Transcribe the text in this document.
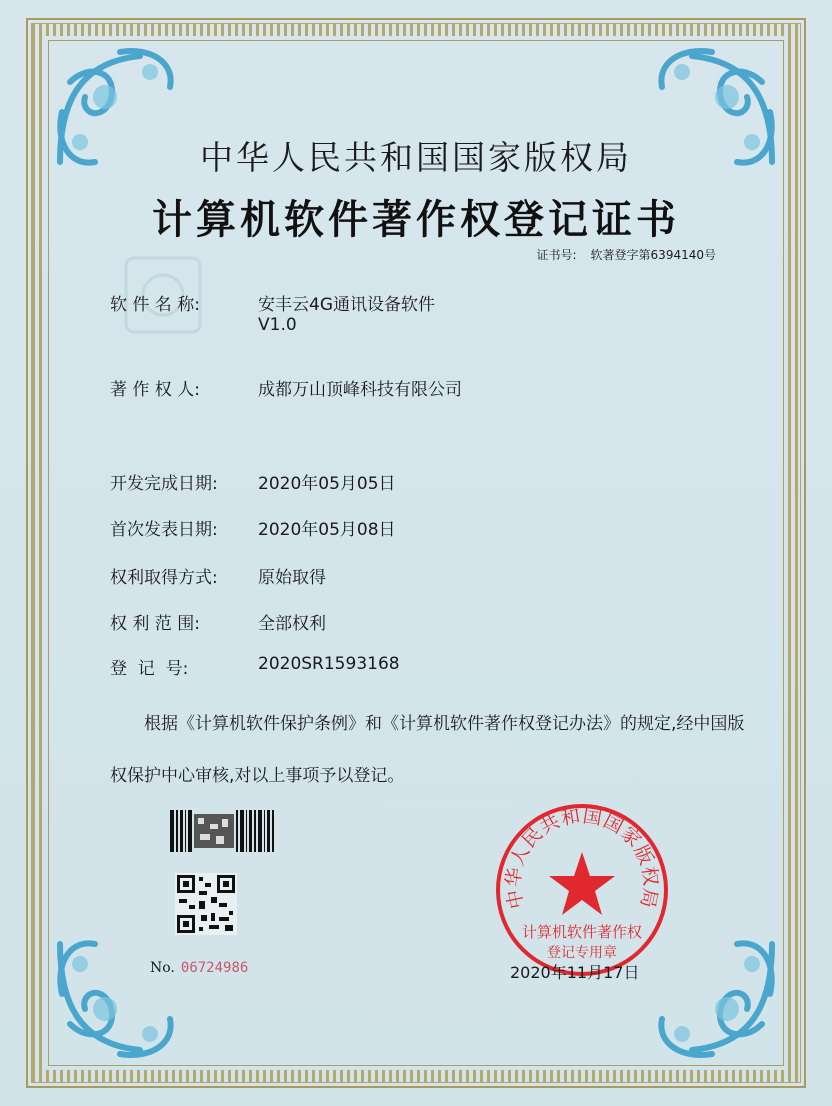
中华人民共和国国家版权局
计算机软件著作权登记证书
证书号: 软著登字第6394140号
软 件 名 称:	安丰云4G通讯设备软件
V1.0
著 作 权 人:	成都万山顶峰科技有限公司
开发完成日期: 2020年05月05日
首次发表日期: 2020年05月08日
权利取得方式: 原始取得
权 利 范 围:	全部权利
登  记  号:	2020SR1593168
根据《计算机软件保护条例》和《计算机软件著作权登记办法》的规定,经中国版权保护中心审核,对以上事项予以登记。
No. 06724986
中华人民共和国国家版权局
计算机软件著作权
登记专用章
2020年11月17日
